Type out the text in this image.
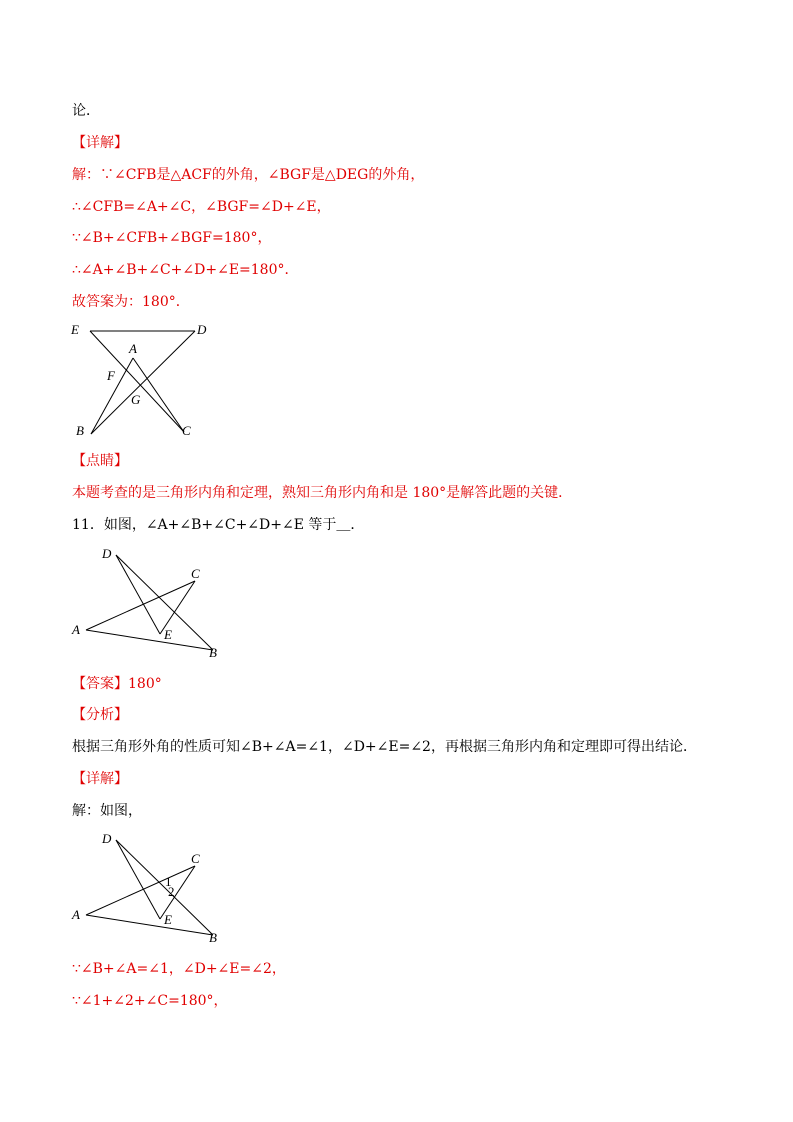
论．
【详解】
解：∵∠CFB是△ACF的外角，∠BGF是△DEG的外角，
∴∠CFB=∠A+∠C，∠BGF=∠D+∠E，
∵∠B+∠CFB+∠BGF=180°，
∴∠A+∠B+∠C+∠D+∠E=180°．
故答案为：180°．
E	D
A
F
G
B	C
【点睛】
本题考查的是三角形内角和定理，熟知三角形内角和是 180°是解答此题的关键．
11．如图，∠A+∠B+∠C+∠D+∠E 等于＿．
D
C
A	E
B
【答案】180°
【分析】
根据三角形外角的性质可知∠B+∠A=∠1，∠D+∠E=∠2，再根据三角形内角和定理即可得出结论．
【详解】
解：如图，
D
C
A	E
B
1
2
∵∠B+∠A=∠1，∠D+∠E=∠2，
∵∠1+∠2+∠C=180°，
